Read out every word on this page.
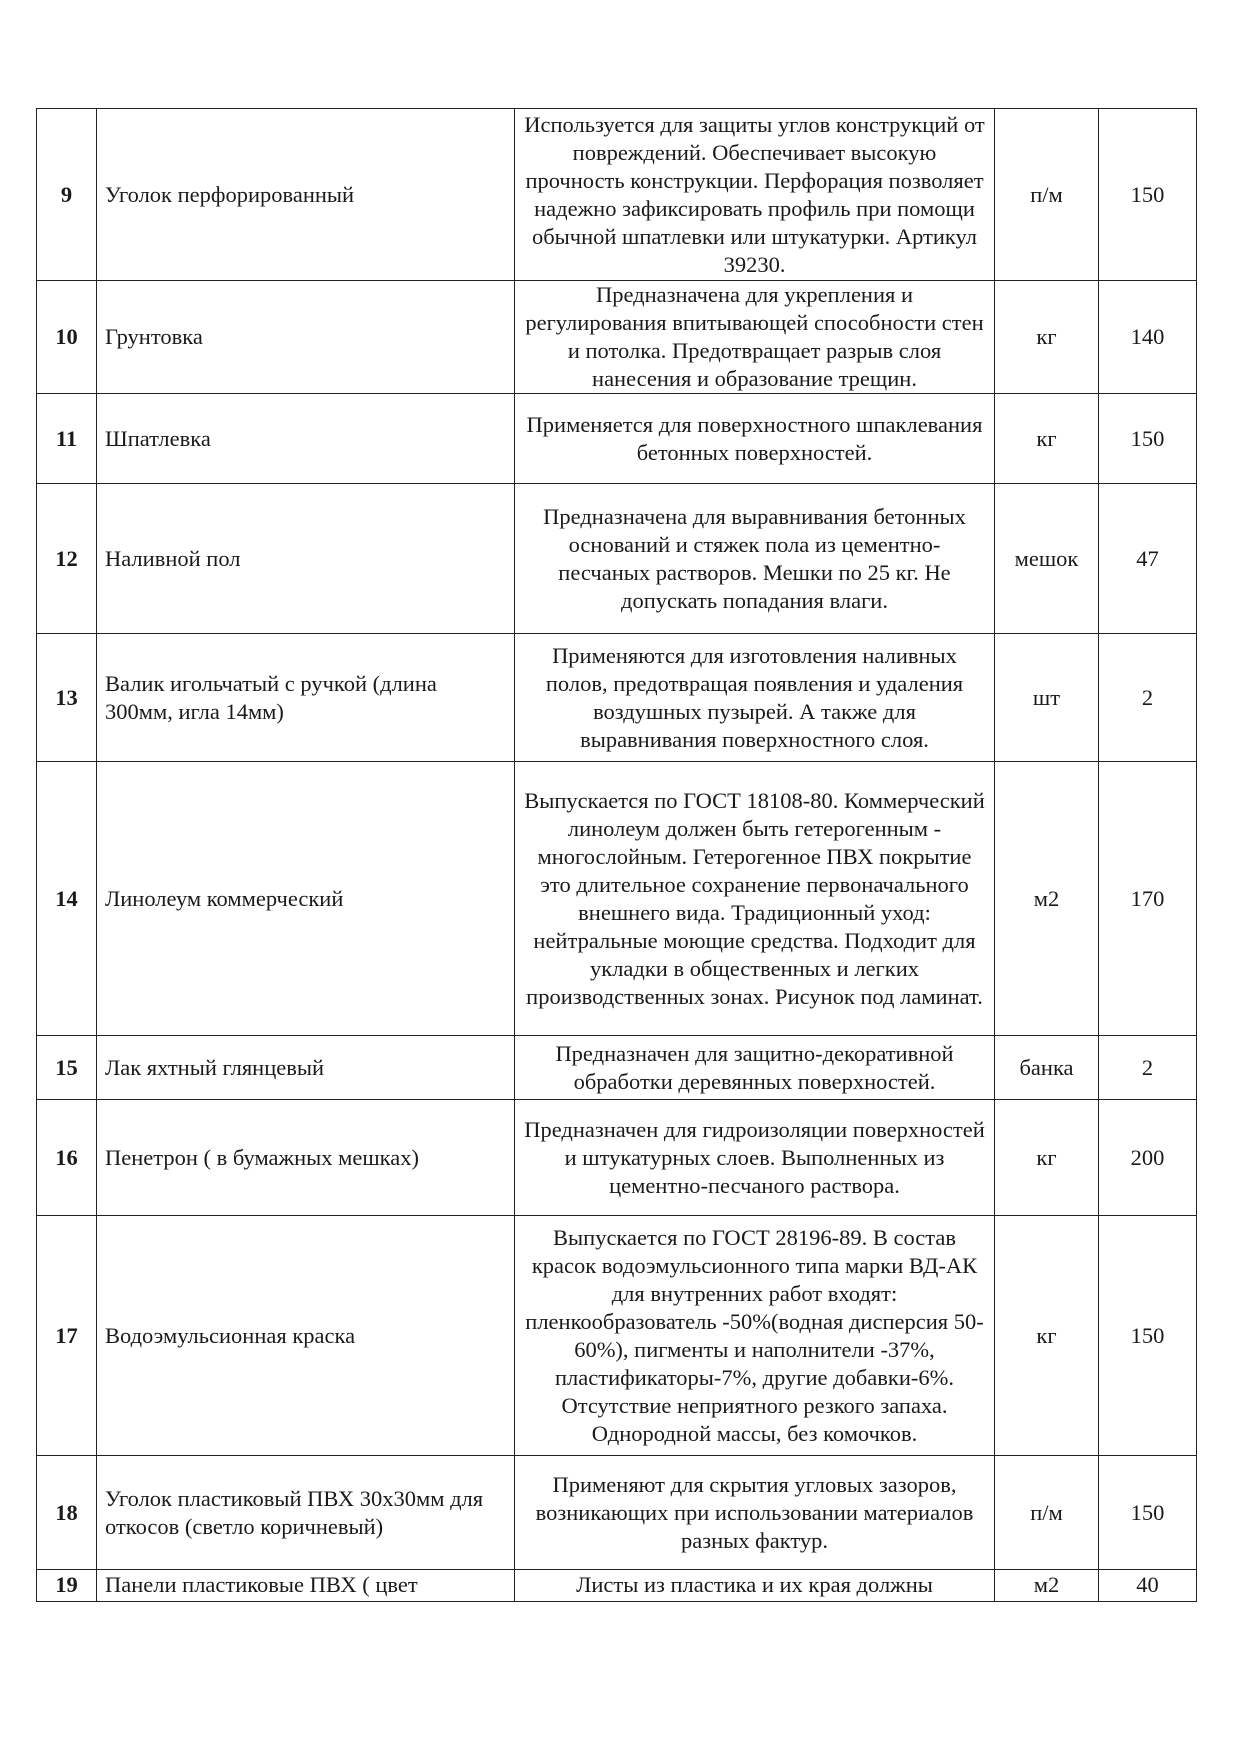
9	Уголок перфорированный	Используется для защиты углов конструкций от повреждений. Обеспечивает высокую прочность конструкции. Перфорация позволяет надежно зафиксировать профиль при помощи обычной шпатлевки или штукатурки. Артикул 39230.	п/м	150
10	Грунтовка	Предназначена для укрепления и регулирования впитывающей способности стен и потолка. Предотвращает разрыв слоя нанесения и образование трещин.	кг	140
11	Шпатлевка	Применяется для поверхностного шпаклевания бетонных поверхностей.	кг	150
12	Наливной пол	Предназначена для выравнивания бетонных оснований и стяжек пола из цементно-песчаных растворов. Мешки по 25 кг. Не допускать попадания влаги.	мешок	47
13	Валик игольчатый с ручкой (длина 300мм, игла 14мм)	Применяются для изготовления наливных полов, предотвращая появления и удаления воздушных пузырей. А также для выравнивания поверхностного слоя.	шт	2
14	Линолеум коммерческий	Выпускается по ГОСТ 18108-80. Коммерческий линолеум должен быть гетерогенным - многослойным. Гетерогенное ПВХ покрытие это длительное сохранение первоначального внешнего вида. Традиционный уход: нейтральные моющие средства. Подходит для укладки в общественных и легких производственных зонах. Рисунок под ламинат.	м2	170
15	Лак яхтный глянцевый	Предназначен для защитно-декоративной обработки деревянных поверхностей.	банка	2
16	Пенетрон ( в бумажных мешках)	Предназначен для гидроизоляции поверхностей и штукатурных слоев. Выполненных из цементно-песчаного раствора.	кг	200
17	Водоэмульсионная краска	Выпускается по ГОСТ 28196-89. В состав красок водоэмульсионного типа марки ВД-АК для внутренних работ входят: пленкообразователь -50%(водная дисперсия 50-60%), пигменты и наполнители -37%, пластификаторы-7%, другие добавки-6%. Отсутствие неприятного резкого запаха. Однородной массы, без комочков.	кг	150
18	Уголок пластиковый ПВХ 30х30мм для откосов (светло коричневый)	Применяют для скрытия угловых зазоров, возникающих при использовании материалов разных фактур.	п/м	150
19	Панели пластиковые ПВХ ( цвет	Листы из пластика и их края должны	м2	40
